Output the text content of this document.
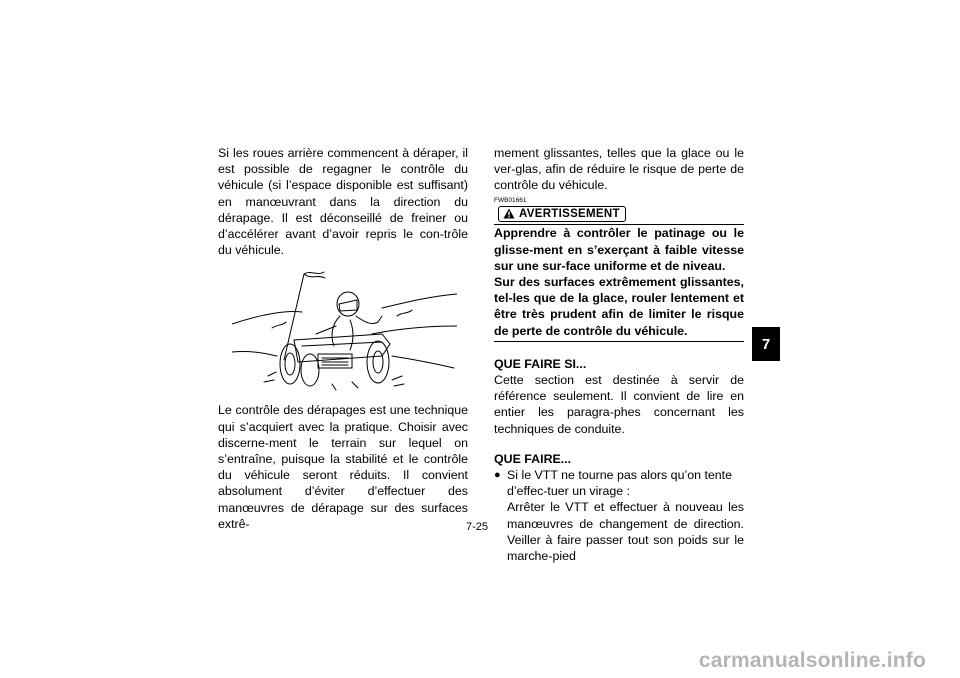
Si les roues arrière commencent à déraper, il est possible de regagner le contrôle du véhicule (si l’espace disponible est suffisant) en manœuvrant dans la direction du dérapage. Il est déconseillé de freiner ou d’accélérer avant d’avoir repris le con-trôle du véhicule.

Le contrôle des dérapages est une technique qui s’acquiert avec la pratique. Choisir avec discerne-ment le terrain sur lequel on s’entraîne, puisque la stabilité et le contrôle du véhicule seront réduits. Il convient absolument d’éviter d’effectuer des manœuvres de dérapage sur des surfaces extrê-

mement glissantes, telles que la glace ou le ver-glas, afin de réduire le risque de perte de contrôle du véhicule.

FWB01661
AVERTISSEMENT

Apprendre à contrôler le patinage ou le glisse-ment en s’exerçant à faible vitesse sur une sur-face uniforme et de niveau.

Sur des surfaces extrêmement glissantes, tel-les que de la glace, rouler lentement et être très prudent afin de limiter le risque de perte de contrôle du véhicule.

QUE FAIRE SI...

Cette section est destinée à servir de référence seulement. Il convient de lire en entier les paragra-phes concernant les techniques de conduite.

QUE FAIRE...
● Si le VTT ne tourne pas alors qu’on tente d’effec-tuer un virage :

Arrêter le VTT et effectuer à nouveau les manœuvres de changement de direction. Veiller à faire passer tout son poids sur le marche-pied

7
7-25
carmanualsonline.info
